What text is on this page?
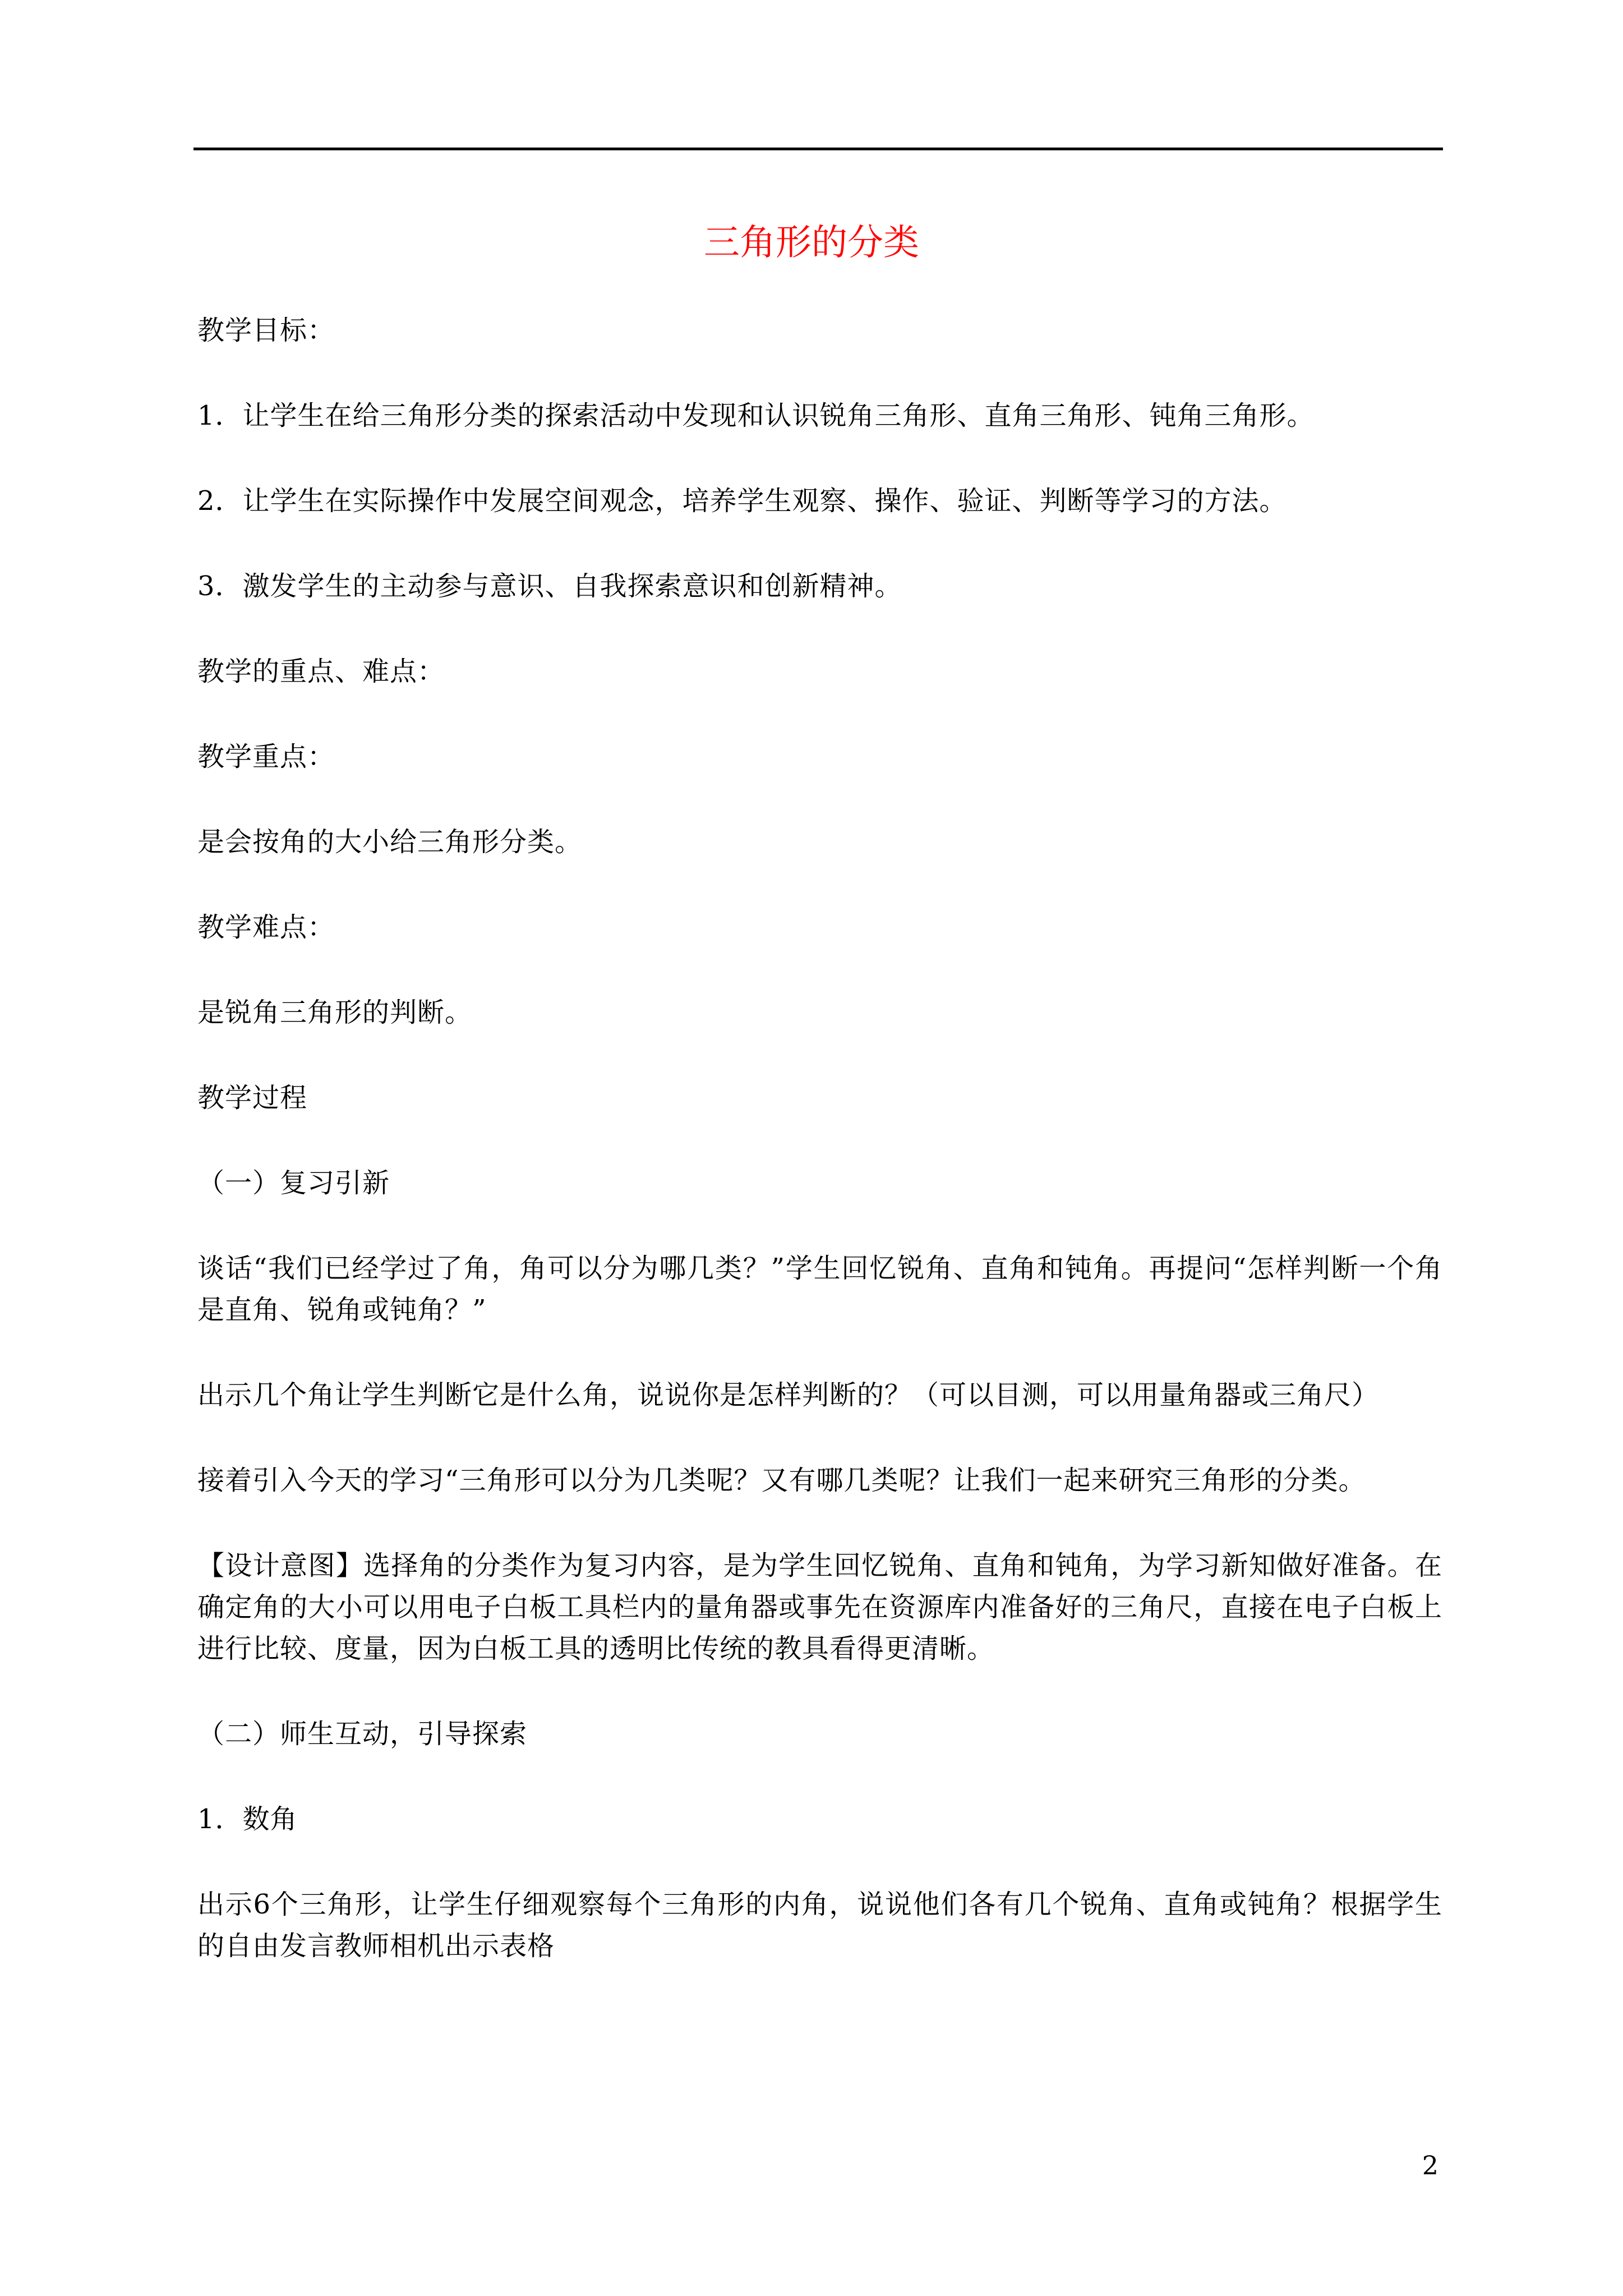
三角形的分类

教学目标：

1．让学生在给三角形分类的探索活动中发现和认识锐角三角形、直角三角形、钝角三角形。

2．让学生在实际操作中发展空间观念，培养学生观察、操作、验证、判断等学习的方法。

3．激发学生的主动参与意识、自我探索意识和创新精神。

教学的重点、难点：

教学重点：

是会按角的大小给三角形分类。

教学难点：

是锐角三角形的判断。

教学过程

（一）复习引新

谈话“我们已经学过了角，角可以分为哪几类？”学生回忆锐角、直角和钝角。再提问“怎样判断一个角是直角、锐角或钝角？”

出示几个角让学生判断它是什么角，说说你是怎样判断的？（可以目测，可以用量角器或三角尺）

接着引入今天的学习“三角形可以分为几类呢？又有哪几类呢？让我们一起来研究三角形的分类。

【设计意图】选择角的分类作为复习内容，是为学生回忆锐角、直角和钝角，为学习新知做好准备。在确定角的大小可以用电子白板工具栏内的量角器或事先在资源库内准备好的三角尺，直接在电子白板上进行比较、度量，因为白板工具的透明比传统的教具看得更清晰。

（二）师生互动，引导探索

1．数角

出示6个三角形，让学生仔细观察每个三角形的内角，说说他们各有几个锐角、直角或钝角？根据学生的自由发言教师相机出示表格

2
